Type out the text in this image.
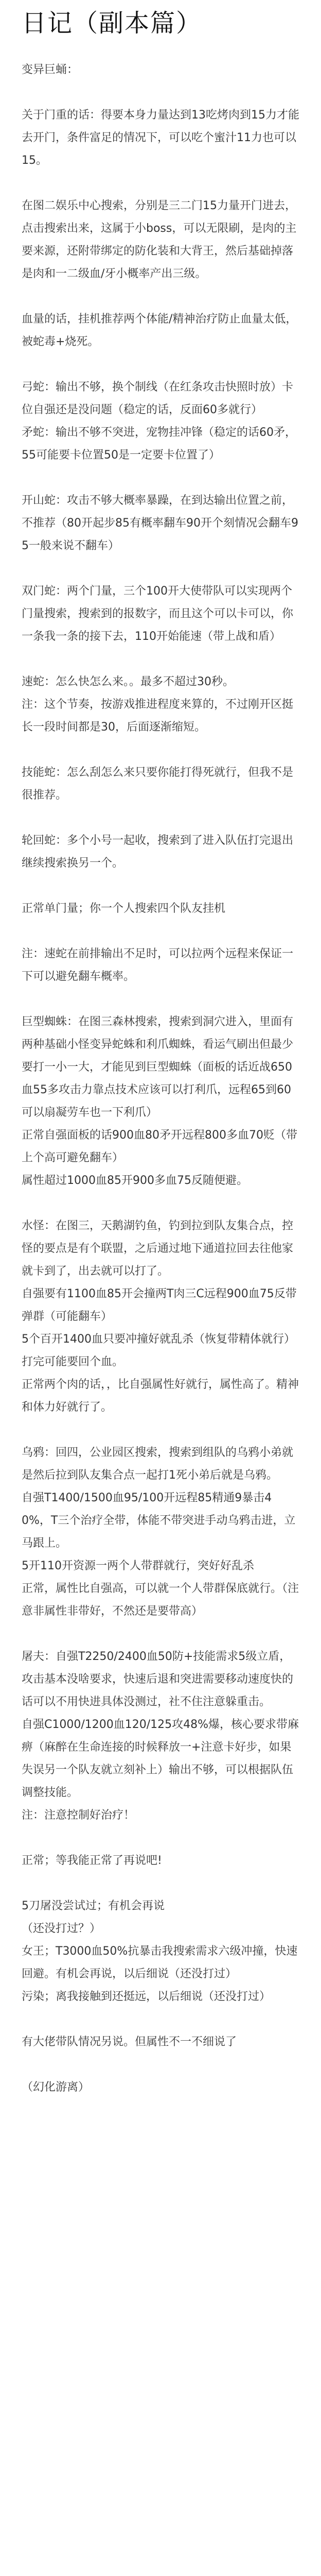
日记（副本篇）

变异巨蛹：

关于门重的话：得要本身力量达到13吃烤肉到15力才能去开门，条件富足的情况下，可以吃个蜜汁11力也可以15。

在图二娱乐中心搜索，分别是三二门15力量开门进去，点击搜索出来，这属于小boss，可以无限刷，是肉的主要来源，还附带绑定的防化装和大背王，然后基础掉落是肉和一二级血/牙小概率产出三级。

血量的话，挂机推荐两个体能/精神治疗防止血量太低，被蛇毒+烧死。

弓蛇：输出不够，换个制线（在红条攻击快照时放）卡位自强还是没问题（稳定的话，反面60多就行）
矛蛇：输出不够不突进，宠物挂冲锋（稳定的话60矛，55可能要卡位置50是一定要卡位置了）

开山蛇：攻击不够大概率暴躁，在到达输出位置之前，不推荐（80开起步85有概率翻车90开个刻情况会翻车95一般来说不翻车）

双门蛇：两个门量，三个100开大使带队可以实现两个门量搜索，搜索到的报数字，而且这个可以卡可以，你一条我一条的接下去，110开始能速（带上战和盾）

速蛇：怎么快怎么来。。最多不超过30秒。
注：这个节奏，按游戏推进程度来算的，不过刚开区挺长一段时间都是30，后面逐渐缩短。

技能蛇：怎么刮怎么来只要你能打得死就行，但我不是很推荐。

轮回蛇：多个小号一起收，搜索到了进入队伍打完退出继续搜索换另一个。

正常单门量；你一个人搜索四个队友挂机

注：速蛇在前排输出不足时，可以拉两个远程来保证一下可以避免翻车概率。

巨型蜘蛛：在图三森林搜索，搜索到洞穴进入，里面有两种基础小怪变异蛇蛛和利爪蜘蛛，看运气刷出但最少要打一小一大，才能见到巨型蜘蛛（面板的话近战650血55多攻击力靠点技术应该可以打利爪，远程65到60可以扇凝劳车也一下利爪）
正常自强面板的话900血80矛开远程800多血70贬（带上个高可避免翻车）
属性超过1000血85开900多血75反随便避。

水怪：在图三，天鹅湖钓鱼，钓到拉到队友集合点，控怪的要点是有个联盟，之后通过地下通道拉回去往他家就卡到了，出去就可以打了。
自强要有1100血85开会撞两T肉三C远程900血75反带弹群（可能翻车）
5个百开1400血只要冲撞好就乱杀（恢复带精体就行）打完可能要回个血。
正常两个肉的话，，比自强属性好就行，属性高了。精神和体力好就行了。

乌鸦：回四，公业园区搜索，搜索到组队的乌鸦小弟就是然后拉到队友集合点一起打1死小弟后就是乌鸦。
自强T1400/1500血95/100开远程85精通9暴击40%，T三个治疗全带，体能不带突进手动乌鸦击进，立马跟上。
5开110开资源一两个人带群就行，突好好乱杀
正常，属性比自强高，可以就一个人带群保底就行。（注意非属性非带好，不然还是要带高）

屠夫：自强T2250/2400血50防+技能需求5级立盾，攻击基本没啥要求，快速后退和突进需要移动速度快的话可以不用快进具体没测过，社不住注意躲重击。
自强C1000/1200血120/125攻48%爆，核心要求带麻痹（麻醉在生命连接的时候释放一+注意卡好步，如果失误另一个队友就立刻补上）输出不够，可以根据队伍调整技能。
注：注意控制好治疗！

正常；等我能正常了再说吧!

5刀屠没尝试过；有机会再说
（还没打过？）
女王；T3000血50%抗暴击我搜索需求六级冲撞，快速回避。有机会再说，以后细说（还没打过）
污染；离我接触到还挺远，以后细说（还没打过）

有大佬带队情况另说。但属性不一不细说了

（幻化游离）
